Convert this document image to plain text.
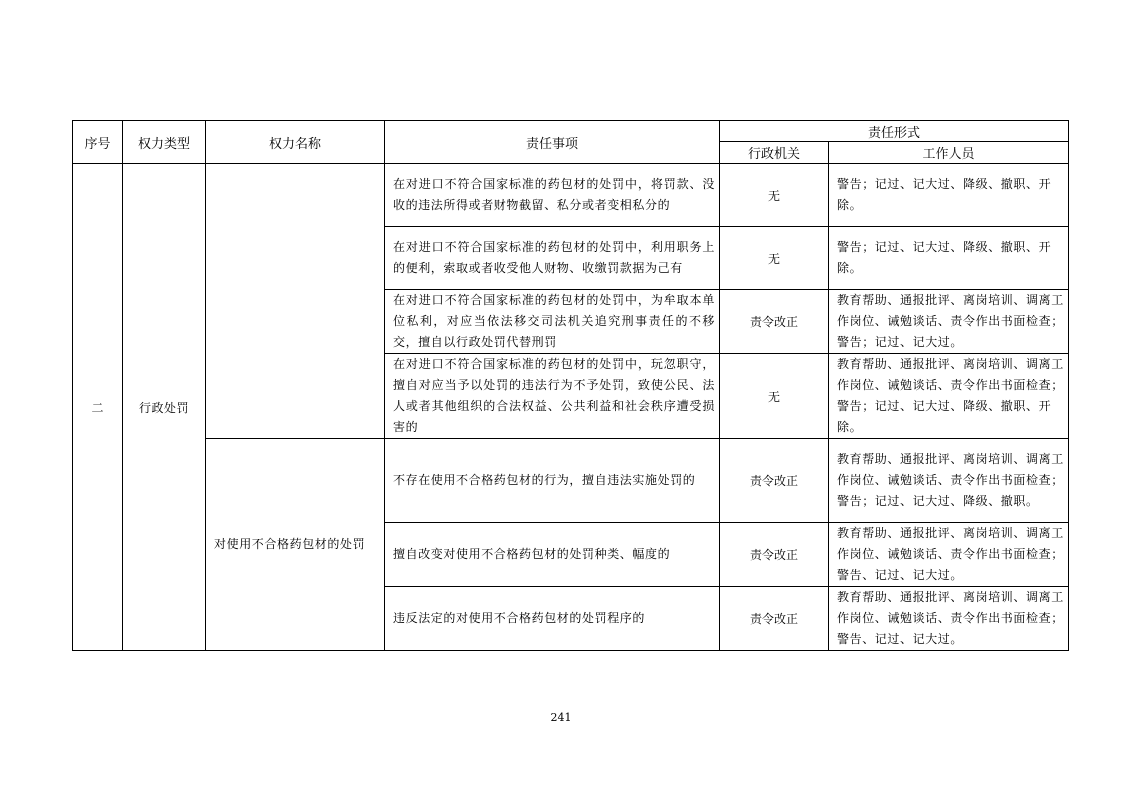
序号	权力类型	权力名称	责任事项	责任形式	
				行政机关	工作人员
二	行政处罚		在对进口不符合国家标准的药包材的处罚中，将罚款、没收的违法所得或者财物截留、私分或者变相私分的	无	警告；记过、记大过、降级、撤职、开除。
			在对进口不符合国家标准的药包材的处罚中，利用职务上的便利，索取或者收受他人财物、收缴罚款据为己有	无	警告；记过、记大过、降级、撤职、开除。
			在对进口不符合国家标准的药包材的处罚中，为牟取本单位私利，对应当依法移交司法机关追究刑事责任的不移交，擅自以行政处罚代替刑罚	责令改正	教育帮助、通报批评、离岗培训、调离工作岗位、诫勉谈话、责令作出书面检查；警告；记过、记大过。
			在对进口不符合国家标准的药包材的处罚中，玩忽职守，擅自对应当予以处罚的违法行为不予处罚，致使公民、法人或者其他组织的合法权益、公共利益和社会秩序遭受损害的	无	教育帮助、通报批评、离岗培训、调离工作岗位、诫勉谈话、责令作出书面检查；警告；记过、记大过、降级、撤职、开除。
		对使用不合格药包材的处罚	不存在使用不合格药包材的行为，擅自违法实施处罚的	责令改正	教育帮助、通报批评、离岗培训、调离工作岗位、诫勉谈话、责令作出书面检查；警告；记过、记大过、降级、撤职。
			擅自改变对使用不合格药包材的处罚种类、幅度的	责令改正	教育帮助、通报批评、离岗培训、调离工作岗位、诫勉谈话、责令作出书面检查；警告、记过、记大过。
			违反法定的对使用不合格药包材的处罚程序的	责令改正	教育帮助、通报批评、离岗培训、调离工作岗位、诫勉谈话、责令作出书面检查；警告、记过、记大过。
241
